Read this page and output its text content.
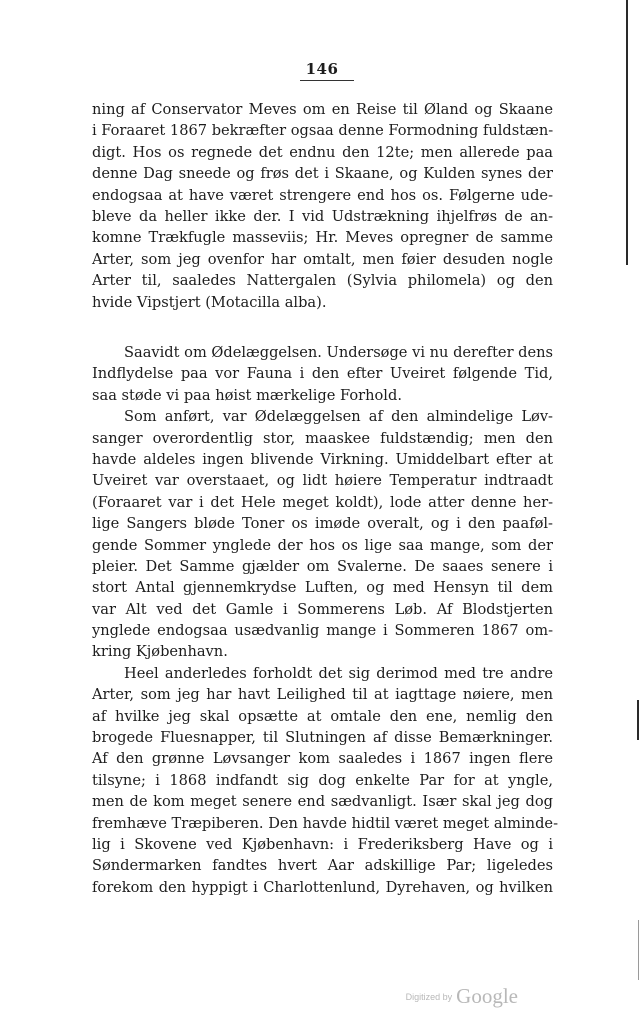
146
ning af Conservator Meves om en Reise til Øland og Skaane
i Foraaret 1867 bekræfter ogsaa denne Formodning fuldstæn-
digt. Hos os regnede det endnu den 12te; men allerede paa
denne Dag sneede og frøs det i Skaane, og Kulden synes der
endogsaa at have været strengere end hos os. Følgerne ude-
bleve da heller ikke der. I vid Udstrækning ihjelfrøs de an-
komne Trækfugle masseviis; Hr. Meves opregner de samme
Arter, som jeg ovenfor har omtalt, men føier desuden nogle
Arter til, saaledes Nattergalen (Sylvia philomela) og den
hvide Vipstjert (Motacilla alba).
Saavidt om Ødelæggelsen. Undersøge vi nu derefter dens
Indflydelse paa vor Fauna i den efter Uveiret følgende Tid,
saa støde vi paa høist mærkelige Forhold.
Som anført, var Ødelæggelsen af den almindelige Løv-
sanger overordentlig stor, maaskee fuldstændig; men den
havde aldeles ingen blivende Virkning. Umiddelbart efter at
Uveiret var overstaaet, og lidt høiere Temperatur indtraadt
(Foraaret var i det Hele meget koldt), lode atter denne her-
lige Sangers bløde Toner os imøde overalt, og i den paaføl-
gende Sommer ynglede der hos os lige saa mange, som der
pleier. Det Samme gjælder om Svalerne. De saaes senere i
stort Antal gjennemkrydse Luften, og med Hensyn til dem
var Alt ved det Gamle i Sommerens Løb. Af Blodstjerten
ynglede endogsaa usædvanlig mange i Sommeren 1867 om-
kring Kjøbenhavn.
Heel anderledes forholdt det sig derimod med tre andre
Arter, som jeg har havt Leilighed til at iagttage nøiere, men
af hvilke jeg skal opsætte at omtale den ene, nemlig den
brogede Fluesnapper, til Slutningen af disse Bemærkninger.
Af den grønne Løvsanger kom saaledes i 1867 ingen flere
tilsyne; i 1868 indfandt sig dog enkelte Par for at yngle,
men de kom meget senere end sædvanligt. Især skal jeg dog
fremhæve Træpiberen. Den havde hidtil været meget alminde-
lig i Skovene ved Kjøbenhavn: i Frederiksberg Have og i
Søndermarken fandtes hvert Aar adskillige Par; ligeledes
forekom den hyppigt i Charlottenlund, Dyrehaven, og hvilken
Digitized by Google
